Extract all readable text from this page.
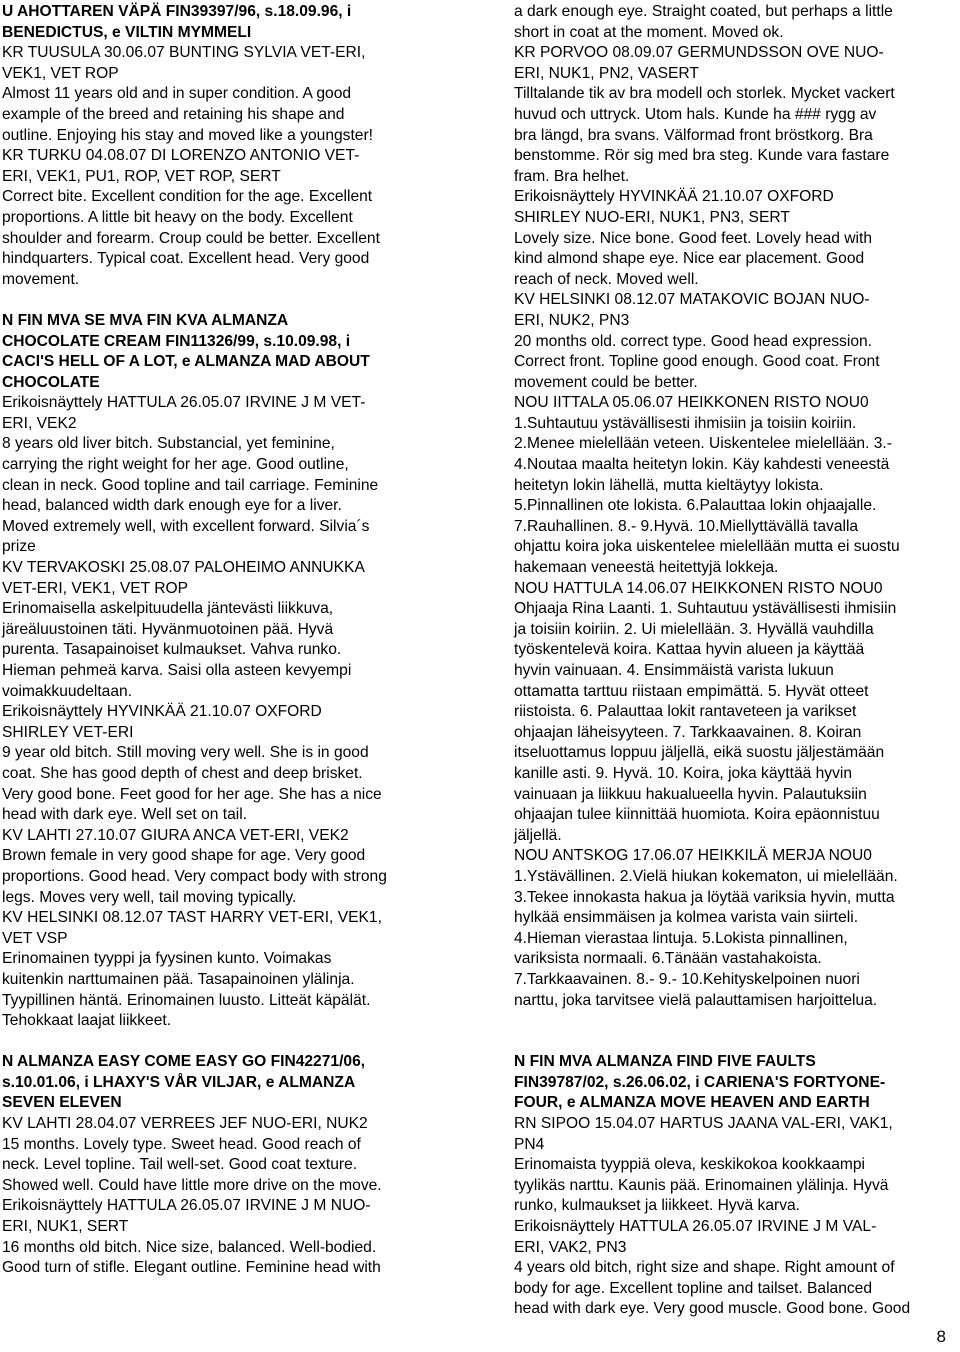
U AHOTTAREN VÄPÄ FIN39397/96, s.18.09.96, i
BENEDICTUS, e VILTIN MYMMELI
KR TUUSULA 30.06.07 BUNTING SYLVIA VET-ERI,
VEK1, VET ROP
Almost 11 years old and in super condition. A good
example of the breed and retaining his shape and
outline. Enjoying his stay and moved like a youngster!
KR TURKU 04.08.07 DI LORENZO ANTONIO VET-
ERI, VEK1, PU1, ROP, VET ROP, SERT
Correct bite. Excellent condition for the age. Excellent
proportions. A little bit heavy on the body. Excellent
shoulder and forearm. Croup could be better. Excellent
hindquarters. Typical coat. Excellent head. Very good
movement.
N FIN MVA SE MVA FIN KVA ALMANZA
CHOCOLATE CREAM FIN11326/99, s.10.09.98, i
CACI'S HELL OF A LOT, e ALMANZA MAD ABOUT
CHOCOLATE
Erikoisnäyttely HATTULA 26.05.07 IRVINE J M VET-
ERI, VEK2
8 years old liver bitch. Substancial, yet feminine,
carrying the right weight for her age. Good outline,
clean in neck. Good topline and tail carriage. Feminine
head, balanced width dark enough eye for a liver.
Moved extremely well, with excellent forward. Silvia´s
prize
KV TERVAKOSKI 25.08.07 PALOHEIMO ANNUKKA
VET-ERI, VEK1, VET ROP
Erinomaisella askelpituudella jäntevästi liikkuva,
järeäluustoinen täti. Hyvänmuotoinen pää. Hyvä
purenta. Tasapainoiset kulmaukset. Vahva runko.
Hieman pehmeä karva. Saisi olla asteen kevyempi
voimakkuudeltaan.
Erikoisnäyttely HYVINKÄÄ 21.10.07 OXFORD
SHIRLEY VET-ERI
9 year old bitch. Still moving very well. She is in good
coat. She has good depth of chest and deep brisket.
Very good bone. Feet good for her age. She has a nice
head with dark eye. Well set on tail.
KV LAHTI 27.10.07 GIURA ANCA VET-ERI, VEK2
Brown female in very good shape for age. Very good
proportions. Good head. Very compact body with strong
legs. Moves very well, tail moving typically.
KV HELSINKI 08.12.07 TAST HARRY VET-ERI, VEK1,
VET VSP
Erinomainen tyyppi ja fyysinen kunto. Voimakas
kuitenkin narttumainen pää. Tasapainoinen ylälinja.
Tyypillinen häntä. Erinomainen luusto. Litteät käpälät.
Tehokkaat laajat liikkeet.
N ALMANZA EASY COME EASY GO FIN42271/06,
s.10.01.06, i LHAXY'S VÅR VILJAR, e ALMANZA
SEVEN ELEVEN
KV LAHTI 28.04.07 VERREES JEF NUO-ERI, NUK2
15 months. Lovely type. Sweet head. Good reach of
neck. Level topline. Tail well-set. Good coat texture.
Showed well. Could have little more drive on the move.
Erikoisnäyttely HATTULA 26.05.07 IRVINE J M NUO-
ERI, NUK1, SERT
16 months old bitch. Nice size, balanced. Well-bodied.
Good turn of stifle. Elegant outline. Feminine head with
a dark enough eye. Straight coated, but perhaps a little
short in coat at the moment. Moved ok.
KR PORVOO 08.09.07 GERMUNDSSON OVE NUO-
ERI, NUK1, PN2, VASERT
Tilltalande tik av bra modell och storlek. Mycket vackert
huvud och uttryck. Utom hals. Kunde ha ### rygg av
bra längd, bra svans. Välformad front bröstkorg. Bra
benstomme. Rör sig med bra steg. Kunde vara fastare
fram. Bra helhet.
Erikoisnäyttely HYVINKÄÄ 21.10.07 OXFORD
SHIRLEY NUO-ERI, NUK1, PN3, SERT
Lovely size. Nice bone. Good feet. Lovely head with
kind almond shape eye. Nice ear placement. Good
reach of neck. Moved well.
KV HELSINKI 08.12.07 MATAKOVIC BOJAN NUO-
ERI, NUK2, PN3
20 months old. correct type. Good head expression.
Correct front. Topline good enough. Good coat. Front
movement could be better.
NOU IITTALA 05.06.07 HEIKKONEN RISTO NOU0
1.Suhtautuu ystävällisesti ihmisiin ja toisiin koiriin.
2.Menee mielellään veteen. Uiskentelee mielellään. 3.-
4.Noutaa maalta heitetyn lokin. Käy kahdesti veneestä
heitetyn lokin lähellä, mutta kieltäytyy lokista.
5.Pinnallinen ote lokista. 6.Palauttaa lokin ohjaajalle.
7.Rauhallinen. 8.- 9.Hyvä. 10.Miellyttävällä tavalla
ohjattu koira joka uiskentelee mielellään mutta ei suostu
hakemaan veneestä heitettyjä lokkeja.
NOU HATTULA 14.06.07 HEIKKONEN RISTO NOU0
Ohjaaja Rina Laanti. 1. Suhtautuu ystävällisesti ihmisiin
ja toisiin koiriin. 2. Ui mielellään. 3. Hyvällä vauhdilla
työskentelevä koira. Kattaa hyvin alueen ja käyttää
hyvin vainuaan. 4. Ensimmäistä varista lukuun
ottamatta tarttuu riistaan empimättä. 5. Hyvät otteet
riistoista. 6. Palauttaa lokit rantaveteen ja varikset
ohjaajan läheisyyteen. 7. Tarkkaavainen. 8. Koiran
itseluottamus loppuu jäljellä, eikä suostu jäljestämään
kanille asti. 9. Hyvä. 10. Koira, joka käyttää hyvin
vainuaan ja liikkuu hakualueella hyvin. Palautuksiin
ohjaajan tulee kiinnittää huomiota. Koira epäonnistuu
jäljellä.
NOU ANTSKOG 17.06.07 HEIKKILÄ MERJA NOU0
1.Ystävällinen. 2.Vielä hiukan kokematon, ui mielellään.
3.Tekee innokasta hakua ja löytää variksia hyvin, mutta
hylkää ensimmäisen ja kolmea varista vain siirteli.
4.Hieman vierastaa lintuja. 5.Lokista pinnallinen,
variksista normaali. 6.Tänään vastahakoista.
7.Tarkkaavainen. 8.- 9.- 10.Kehityskelpoinen nuori
narttu, joka tarvitsee vielä palauttamisen harjoittelua.
N FIN MVA ALMANZA FIND FIVE FAULTS
FIN39787/02, s.26.06.02, i CARIENA'S FORTYONE-
FOUR, e ALMANZA MOVE HEAVEN AND EARTH
RN SIPOO 15.04.07 HARTUS JAANA VAL-ERI, VAK1,
PN4
Erinomaista tyyppiä oleva, keskikokoa kookkaampi
tyylikäs narttu. Kaunis pää. Erinomainen ylälinja. Hyvä
runko, kulmaukset ja liikkeet. Hyvä karva.
Erikoisnäyttely HATTULA 26.05.07 IRVINE J M VAL-
ERI, VAK2, PN3
4 years old bitch, right size and shape. Right amount of
body for age. Excellent topline and tailset. Balanced
head with dark eye. Very good muscle. Good bone. Good
8
